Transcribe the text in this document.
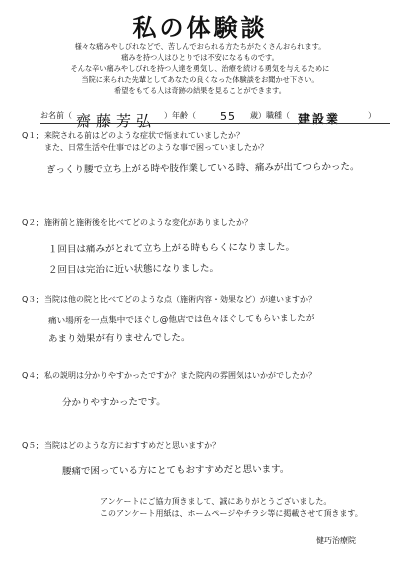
私の体験談
様々な痛みやしびれなどで、苦しんでおられる方たちがたくさんおられます。
痛みを持つ人はひとりでは不安になるものです。
そんな辛い痛みやしびれを持つ人達を勇気し、治療を続ける勇気を与えるために
当院に来られた先輩としてあなたの良くなった体験談をお聞かせ下さい。
希望をもてる人は奇跡の結果を見ることができます。
お名前（ 齋藤芳弘 ）年齢（ 55 歳）職種（ 建設業	）
Q１; 来院される前はどのような症状で悩まれていましたか？
また、日常生活や仕事ではどのような事で困っていましたか？
ぎっくり腰で立ち上がる時や肢作業している時、痛みが出てつらかった。
Q２; 施術前と施術後を比べてどのような変化がありましたか？
１回目は痛みがとれて立ち上がる時もらくになりました。
２回目は完治に近い状態になりました。
Q３; 当院は他の院と比べてどのような点（施術内容・効果など）が違いますか？
痛い場所を一点集中でほぐし@他店では色々ほぐしてもらいましたが
あまり効果が有りませんでした。
Q４; 私の説明は分かりやすかったですか？また院内の雰囲気はいかがでしたか？
分かりやすかったです。
Q５; 当院はどのような方におすすめだと思いますか？
腰痛で困っている方にとてもおすすめだと思います。
アンケートにご協力頂きまして、誠にありがとうございました。
このアンケート用紙は、ホームページやチラシ等に掲載させて頂きます。
健巧治療院
